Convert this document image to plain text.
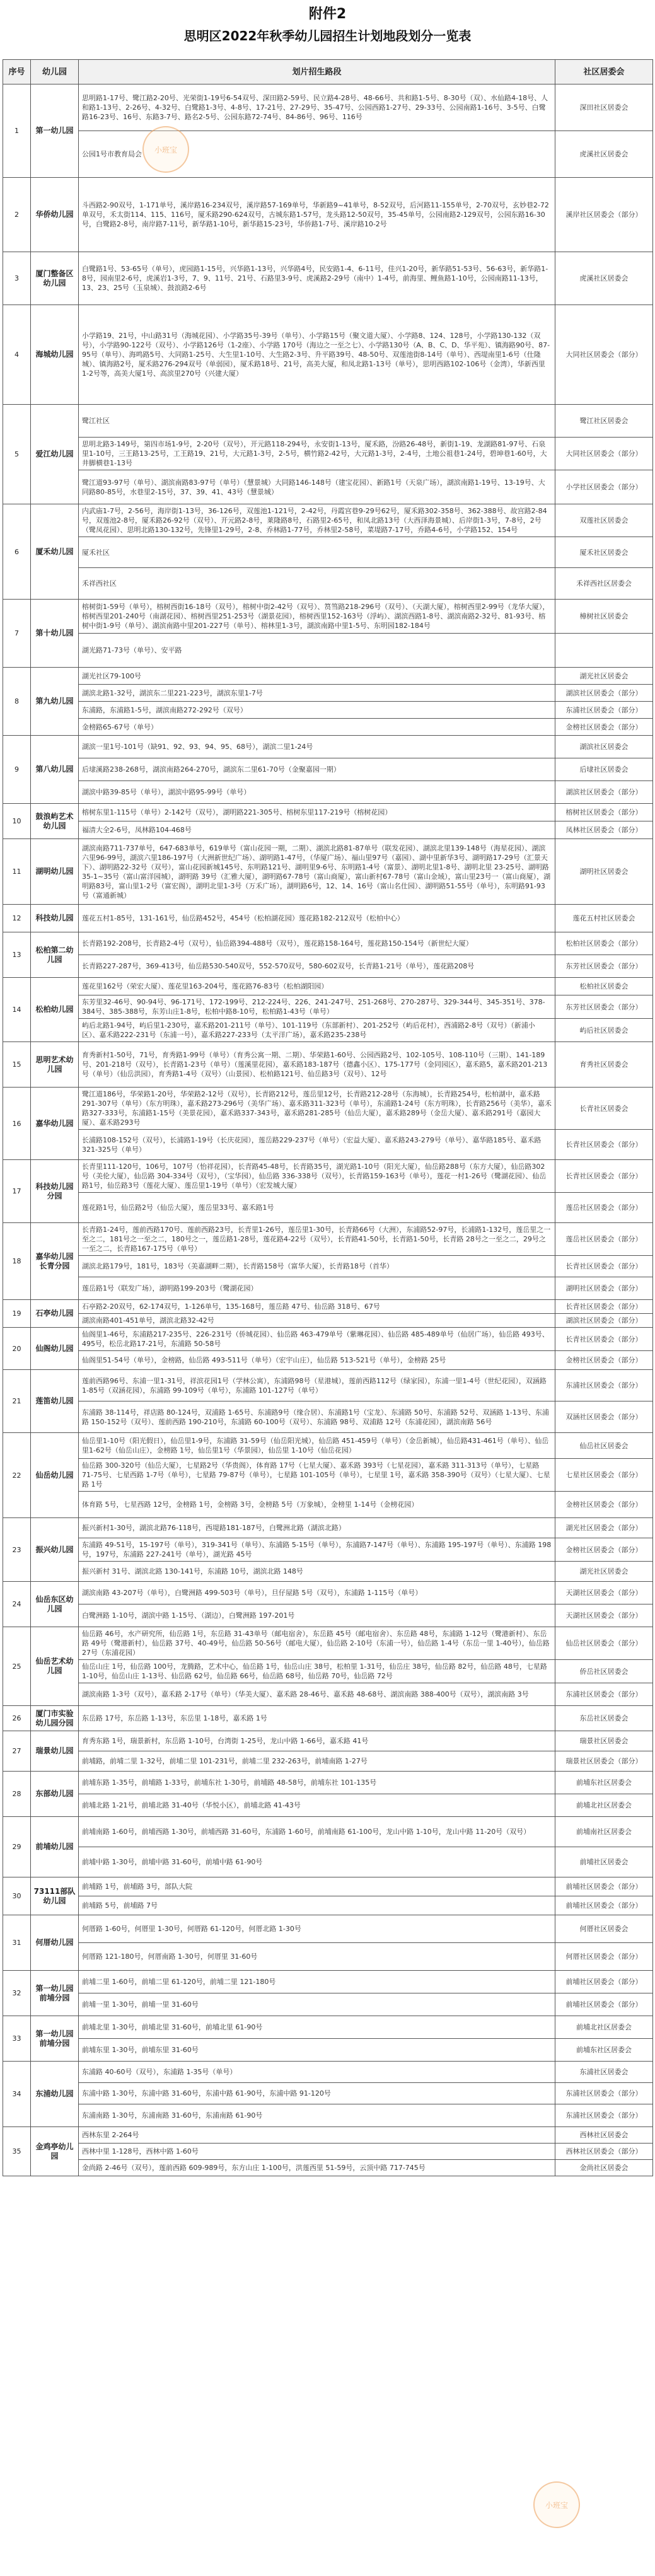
附件2
思明区2022年秋季幼儿园招生计划地段划分一览表
序号	幼儿园	划片招生路段	社区居委会
1	第一幼儿园	思明路1-17号、鹭江路2-20号、光荣街1-19号6-54双号、深田路2-59号、民立路4-28号、48-66号、共和路1-5号、8-30号（双）、水仙路4-18号、人和路1-13号、2-26号、4-32号、白鹭路1-3号、4-8号、17-21号、27-29号、35-47号、公园西路1-27号、29-33号、公园南路1-16号、3-5号、白鹭路16-23号、16号、东路3-7号、路名2-5号、公园东路72-74号、84-86号、96号、116号	深田社区居委会
		公园1号市教育局会	虎溪社区居委会
2	华侨幼儿园	斗西路2-90双号，1-171单号，溪岸路16-234双号，溪岸路57-169单号，华新路9~41单号，8-52双号，后河路11-155单号，2-70双号，玄妙巷2-72单双号，禾太街114、115、116号，厦禾路290-624双号，古城东路1-57号，龙头路12-50双号，35-45单号，公园南路2-129双号，公园东路16-30号，白鹭路2-8号，南岸路7-11号，新华路1-10号，新华路15-23号，华侨路1-7号、溪岸路10-2号	溪岸社区居委会（部分）
3	厦门整备区幼儿园	白鹭路1号、53-65号（单号），虎园路1-15号，兴华路1-13号，兴华路4号，民安路1-4、6-11号，佳兴1-20号，新华路51-53号、56-63号，新华路1-8号，园南里2-6号，虎溪岩1-3号，7、9、11号、21号、石路里3-9号、虎溪路2-29号（南中）1-4号，前海里、鲤鱼路1-10号，公园南路11-13号，13、23、25号（玉泉城）、鼓浪路2-6号	虎溪社区居委会
4	海城幼儿园	小学路19、21号，中山路31号（海城花园）、小学路35号-39号（单号）、小学路15号（聚文道大厦）、小学路8、124、128号，小学路130-132（双号），小学路90-122号（双号）、小学路126号（1-2座）、小学路 170号（海边之一至之七）、小学路130号（A、B、C、D、华平苑）、镇海路90号、87-95号（单号）、海鸣路5号、大同路1-25号、大生里1-10号、大生路2-3号、升平路39号、48-50号、双莲池街8-14号（单号）、西堤南里1-6号（仕隆城）、镇海路2号，厦禾路276-294双号（单弱园），厦禾路18号、21号，高美大厦，和凤北路1-13号（单号），思明西路102-106号（金湾），华新西里1-2号等，高美大厦1号、高滨里270号（兴建大厦）	大同社区居委会（部分）
5	爱江幼儿园	鹭江社区	鹭江社区居委会
		思明北路3-149号，第四市场1-9号，2-20号（双号），开元路118-294号，永安街1-13号，厦禾路，汾路26-48号，新街1-19、龙湖路81-97号、石泉里1-10号，三王路13-25号，工王路19、21号，大元路1-3号，2-5号，横竹路2-42号，大元路1-3号，2-4号，土地公祖巷1-24号，碧坤巷1-60号，大井脚横巷1-13号	大同社区居委会（部分）
		鹭江道93-97号（单号）、湖滨南路83-97号（单号）（慧景城）大同路146-148号（建宝花园）、新路1号（天泉广场），湖滨南路1-19号、13-19号、大同路80-85号，水巷里2-15号，37、39、41、43号（慧景城）	小学社区居委会（部分）
6	厦禾幼儿园	内武庙1-7号，2-56号，海岸街1-13号，36-126号，双莲池1-121号，2-42号，丹霞宫巷9-29号62号，厦禾路302-358号、362-388号、故宫路2-84号，双莲池2-8号，厦禾路26-92号（双号）、开元路2-8号，莱隆路8号，石路里2-65号，和凤北路13号（大西泽海景城）、后岸街1-3号，7-8号，2号（鹭凤花园）、思明北路130-132号，先锋里1-29号，2-8、乔林路1-77号，乔林里2-58号，菜堤路7-17号，乔路4-6号，小学路152、154号	双莲社区居委会
		厦禾社区	厦禾社区居委会
		禾祥西社区	禾祥西社区居委会
7	第十幼儿园	榕树街1-59号（单号），榕树西街16-18号（双号），榕树中街2-42号（双号）、筼筜路218-296号（双号）、（天湖大厦），榕树西里2-99号（龙华大厦），榕树西里201-240号（南湖花园）、榕树西里251-253号（湖景花园），榕树西里152-163号（浮屿）、湖滨西路1-8号、湖滨南路2-32号、81-93号、榕树中街1-9号（单号）、湖滨南路中里201-227号（单号）、榕林里1-3号，湖滨南路中里1-5号、东明园182-184号	樟树社区居委会
		湖光路71-73号（单号）、安平路	
8	第九幼儿园	湖光社区79-100号	湖光社区居委会
		湖滨北路1-32号，湖滨东二里221-223号，湖滨东里1-7号	湖滨社区居委会（部分）
		东浦路，东浦路1-5号，湖滨南路272-292号（双号）	东浦社区居委会（部分）
		金榜路65-67号（单号）	金榜社区居委会（部分）
9	第八幼儿园	湖滨一里1号-101号（缺91、92、93、94、95、68号），湖滨二里1-24号	湖滨社区居委会
		后埭溪路238-268号，湖滨南路264-270号，湖滨东二里61-70号（金聚嘉园一期）	后埭社区居委会
		湖滨中路39-85号（单号），湖滨中路95-99号（单号）	湖滨社区居委会（部分）
10	鼓浪屿艺术幼儿园	榕树东里1-115号（单号）2-142号（双号），湖明路221-305号、榕树东里117-219号（榕树花园）	榕树社区居委会（部分）
		福清大全2-6号，凤林路104-468号	凤林社区居委会（部分）
11	湖明幼儿园	湖滨南路711-737单号，647-683单号，619单号（富山花园一期，二期）、湖滨北路81-87单号（联发花园）、湖滨北里139-148号（海星花园）、湖滨六里96-99号，湖滨六里186-197号（大洲新世纪广场）、湖明路1-47号，（华厦广场）、福山里97号（嘉园）、湖中里新华3号、湖明路17-29号（汇景天下）、湖明路22-32号（双号），富山花园新城145号、东明路121号、湖明里9-6号、东明路1-4号（富景）、湖明北里1-8号、湖明北里 23-25号、湖明路35-1~35号（富山富洋园城），湖明路 39号（汇雅大厦），湖明路67-78号（富山商厦），富山新村67-78号（富山金域），富山里23号一（富山商厦），湖明路83号，富山里1-2号（富宏阁），湖明北里1-3号（万禾广场），湖明路6号，12、14、16号（富山名仕园）、湖明路51-55号（单号），东明路91-93号（富通新城）	湖明社区居委会
12	科技幼儿园	莲花五村1-85号，131-161号，仙岳路452号，454号（松柏湖花园）莲花路182-212双号（松柏中心）	莲花五村社区居委会
13	松柏第二幼儿园	长青路192-208号，长青路2-4号（双号），仙岳路394-488号（双号），莲花路158-164号，莲花路150-154号（新世纪大厦）	松柏社区居委会（部分）
		长青路227-287号，369-413号，仙岳路530-540双号，552-570双号，580-602双号，长青路1-21号（单号），莲花路208号	东芳社区居委会（部分）
14	松柏幼儿园	莲花里162号（荣宏大厦）、莲花里163-204号，莲花路76-83号（松柏湖阳园）	松柏社区居委会
		东芳里32-46号、90-94号、96-171号、172-199号、212-224号、226、241-247号、251-268号、270-287号、329-344号、345-351号、378-384号、385-388号，东芳山庄1-8号，松柏中路8-10号，松柏路1-43号（单号）	东芳社区居委会（部分）
		屿后北路1-94号，屿后里1-230号，嘉禾路201-211号（单号）、101-119号（东部新村）、201-252号（屿后花村），西浦路2-8号（双号）（新浦小区）、嘉禾路222-231号（东浦一号），嘉禾路227-233号（太平洋广场），嘉禾路235-238号	屿后社区居委会
15	思明艺术幼儿园	育秀新村1-50号，71号，育秀路1-99号（单号）（育秀公寓一期、二期）、华荣路1-60号、公园西路2号、102-105号、108-110号（三期）、141-189号、201-218号（双号），长青路1-23号（单号）（莲溪里花园），嘉禾路183-187号（德鑫小区）、175-177号（金同园区），嘉禾路5，嘉禾路201-213号（单号）（仙岳洪园），育秀路1-4号（双号）（山景园）、松柏路121号、仙岳路3号（双号）、12号	育秀社区居委会
16	嘉华幼儿园	鹭江道186号，华荣路1-20号，华荣路2-12号（双号），长青路212号，莲岳里12号，长青路212-28号（东海城），长青路254号，松柏湖中，嘉禾路291-307号（单号）（东方明珠），嘉禾路273-296号（美华广场）、嘉禾路311-323号（单号），东浦路1-24号（东方明珠），长青路256号（美华），嘉禾路327-333号，东浦路1-15号（美景花园），嘉禾路337-343号，嘉禾路281-285号（仙岳大厦），嘉禾路289号（金岳大厦）、嘉禾路291号（嘉园大厦）、嘉禾路293号	长青社区居委会
		长浦路108-152号（双号），长浦路1-19号（长庆花园），莲岳路229-237号（单号）（宏益大厦）、嘉禾路243-279号（单号）、嘉华路185号、嘉禾路321-325号（单号）	长青社区居委会（部分）
17	科技幼儿园分园	长青里111-120号，106号，107号（怡祥花园），长青路45-48号，长青路35号，湖光路1-10号（阳光大厦），仙岳路288号（东方大厦），仙岳路302号（美伦大厦），仙岳路 304-334号（双号），（宝华园），仙岳路 336-338号（双号），长青路159-163号（单号），莲花一村1-26号（鹭湖花园）、仙岳路1号，仙岳路3号（莲花大厦）、莲岳里1-19号（单号）（宏发城大厦）	长青社区居委会（部分）
		莲花路1号，仙岳路2号（仙岳大厦），莲岳里33号、嘉禾路1号	莲岳社区居委会（部分）
18	嘉华幼儿园长青分园	长青路1-24号，莲前西路170号、莲前西路23号，长青里1-26号，莲岳里1-30号，长青路66号（大洲），东浦路52-97号，长浦路1-132号，莲岳里之一至之二，181号之一至之二，180号之一，莲岳路1-28号，莲花路4-22号（双号），长青路41-50号，长青路1-50号，长青路 28号之一至之二，29号之一至之二，长青路167-175号（单号）	莲岳社区居委会（部分）
		湖滨北路179号，181号，183号（美嘉湖畔二期），长青路158号（富华大厦），长青路18号（首华）	长青社区居委会（部分）
		莲岳路1号（联发广场），湖明路199-203号（鹭湖花园）	湖明社区居委会（部分）
19	石亭幼儿园	石亭路2-20双号，62-174双号，1-126单号，135-168号，莲岳路 47号、仙岳路 318号、67号	长青社区居委会（部分）
		湖滨南路401-451单号，湖滨北路32-42号	湖滨社区居委会（部分）
20	仙阁幼儿园	仙阁里1-46号，东浦路217-235号、226-231号（侨城花园）、仙岳路 463-479单号（紫琳花园）、仙岳路 485-489单号（仙居广场），仙岳路 493号、495号，松岳北路17-21号，东浦路 50-58号	长青社区居委会（部分）
		仙阁里51-54号（单号），金榜路，仙岳路 493-511号（单号）（宏宇山庄），仙岳路 513-521号（单号），金榜路 25号	金榜社区居委会（部分）
21	莲笛幼儿园	莲前西路96号、东浦一里1-31号，祥滨花园1号（学林公寓），东浦路98号（星港城），莲前西路112号（绿家园），东浦一里1-4号（世纪花园），双涵路1-85号（双涵花园），东浦路 99-109号（单号），东浦路 101-127号（单号）	东浦社区居委会（部分）
		东浦路 38-114号，祥店路 80-124号，双浦路 1-65号、东浦路9号（缘合居）、东浦路1号（宝龙）、东浦路 50号、东浦路 52号、双涵路 1-13号、东浦路 150-152号（双号）、莲前西路 190-210号，东浦路 60-100号（双号）、东浦路 98号、双浦路 12号（东浦花园），湖滨南路 56号	双涵社区居委会（部分）
22	仙岳幼儿园	仙岳里1-10号（阳光假日），仙岳里1-9号，东浦路 31-59号（仙岳阳光城），仙岳路 451-459号（单号）（金岳新城），仙岳路431-461号（单号）、仙岳里1-62号（仙岳山庄），金榜路 1号，仙岳里1号（华景园），仙岳里 1-10号（仙岳花园）	仙岳社区居委会
		仙岳路 300-320号（仙岳大厦），七星路2号（华贵阁），体育路 17号（七星大厦）、嘉禾路 393号（七星花园），嘉禾路 311-313号（单号），七星路 71-75号、七星西路 1-7号（单号），七星路 79-87号（单号），七星路 101-105号（单号），七星里 1号，嘉禾路 358-390号（双号）（七星大厦）、七星路 1号	七星社区居委会（部分）
		体育路 5号，七星西路 12号，金榜路 1号，金榜路 3号，金榜路 5号（万象城），金榜里 1-14号（金榜花园）	金榜社区居委会（部分）
23	振兴幼儿园	振兴新村1-30号，湖滨北路76-118号，西堤路181-187号，白鹭洲北路（湖滨北路）	湖光社区居委会（部分）
		东浦路 49-51号，15-197号（单号），319-341号（单号）、东浦路 5-15号（单号），东浦路7-147号（单号）、东浦路 195-197号（单号）、东浦路 198号，197号，东浦路 227-241号（单号），湖光路 45号	金榜社区居委会（部分）
		振兴新村 31号、湖滨北路 130-141号，东浦路 10号，湖滨北路 148号	湖光社区居委会
24	仙岳东区幼儿园	湖滨南路 43-207号（单号），白鹭洲路 499-503号（单号），旦仔屋路 5号（双号），东浦路 1-115号（单号）	天湖社区居委会（部分）
		白鹭洲路 1-10号，湖滨中路 1-15号、（湖边），白鹭洲路 197-201号	天湖社区居委会（部分）
25	仙岳艺术幼儿园	仙岳路 46号，水产研究所，仙岳路 1号，东岳路 31-43单号（邮电宿舍），东岳路 45号（邮电宿舍）、东岳路 48号，东浦路 1-12号（鹭港新村）、东岳路 49号（鹭港新村），仙岳路 37号、40-49号，仙岳路 50-56号（邮电大厦），仙岳路 2-10号（东浦一号），仙岳路 1-4号（东岳一里 1-40号），仙岳路 27号（东浦花园）	仙岳社区居委会（部分）
		仙岳山庄 1号，仙岳路 100号，龙腾路，艺术中心，仙岳路 1号，仙岳山庄 38号，松柏里 1-31号，仙岳庄 38号，仙岳路 82号，仙岳路 48号，七星路 1-10号，仙岳山庄 1-13号、仙岳路 62号，仙岳路 66号，仙岳路 68号，仙岳路 70号，仙岳路 72号	侨岳社区居委会
		湖滨南路 1-3号（双号），嘉禾路 2-17号（单号）（华美大厦）、嘉禾路 28-46号、嘉禾路 48-68号、湖滨南路 388-400号（双号），湖滨南路 3号	东浦社区居委会（部分）
26	厦门市实验幼儿园分园	东岳路 17号，东岳路 1-13号，东岳里 1-18号，嘉禾路 1号	东岳社区居委会
27	瑞景幼儿园	育秀东路 1号，瑞景新村，东岳路 1-10号，台湾街 1-25号，龙山中路 1-66号，嘉禾路 41号	瑞景社区居委会
		前埔路，前埔二里 1-32号，前埔二里 101-231号，前埔二里 232-263号，前埔南路 1-27号	瑞景社区居委会（部分）
28	东部幼儿园	前埔东路 1-35号，前埔路 1-33号，前埔东社 1-30号，前埔路 48-58号，前埔东社 101-135号	前埔东社区居委会
		前埔北路 1-21号，前埔北路 31-40号（华悦小区），前埔北路 41-43号	前埔北社区居委会
29	前埔幼儿园	前埔南路 1-60号，前埔西路 1-30号，前埔西路 31-60号，东浦路 1-60号，前埔南路 61-100号，龙山中路 1-10号，龙山中路 11-20号（双号）	前埔南社区居委会
		前埔中路 1-30号，前埔中路 31-60号，前埔中路 61-90号	前埔社区居委会
30	73111部队幼儿园	前埔路 1号，前埔路 3号，部队大院	前埔社区居委会（部分）
		前埔路 5号，前埔路 7号	前埔社区居委会（部分）
31	何厝幼儿园	何厝路 1-60号，何厝里 1-30号，何厝路 61-120号，何厝北路 1-30号	何厝社区居委会
		何厝路 121-180号，何厝南路 1-30号，何厝里 31-60号	何厝社区居委会（部分）
32	第一幼儿园前埔分园	前埔二里 1-60号，前埔二里 61-120号，前埔二里 121-180号	前埔社区居委会（部分）
		前埔一里 1-30号，前埔一里 31-60号	前埔社区居委会（部分）
33	第一幼儿园前埔分园	前埔北里 1-30号，前埔北里 31-60号，前埔北里 61-90号	前埔北社区居委会
		前埔东里 1-30号，前埔东里 31-60号	前埔东社区居委会
34	东浦幼儿园	东浦路 40-60号（双号），东浦路 1-35号（单号）	东浦社区居委会
		东浦中路 1-30号，东浦中路 31-60号，东浦中路 61-90号，东浦中路 91-120号	东浦社区居委会（部分）
		东浦南路 1-30号，东浦南路 31-60号，东浦南路 61-90号	东浦社区居委会（部分）
35	金鸡亭幼儿园	西林东里 2-264号	西林社区居委会
		西林中里 1-128号，西林中路 1-60号	西林社区居委会（部分）
		金尚路 2-46号（双号），莲前西路 609-989号，东方山庄 1-100号，洪莲西里 51-59号，云顶中路 717-745号	金尚社区居委会
小班宝
小班宝
